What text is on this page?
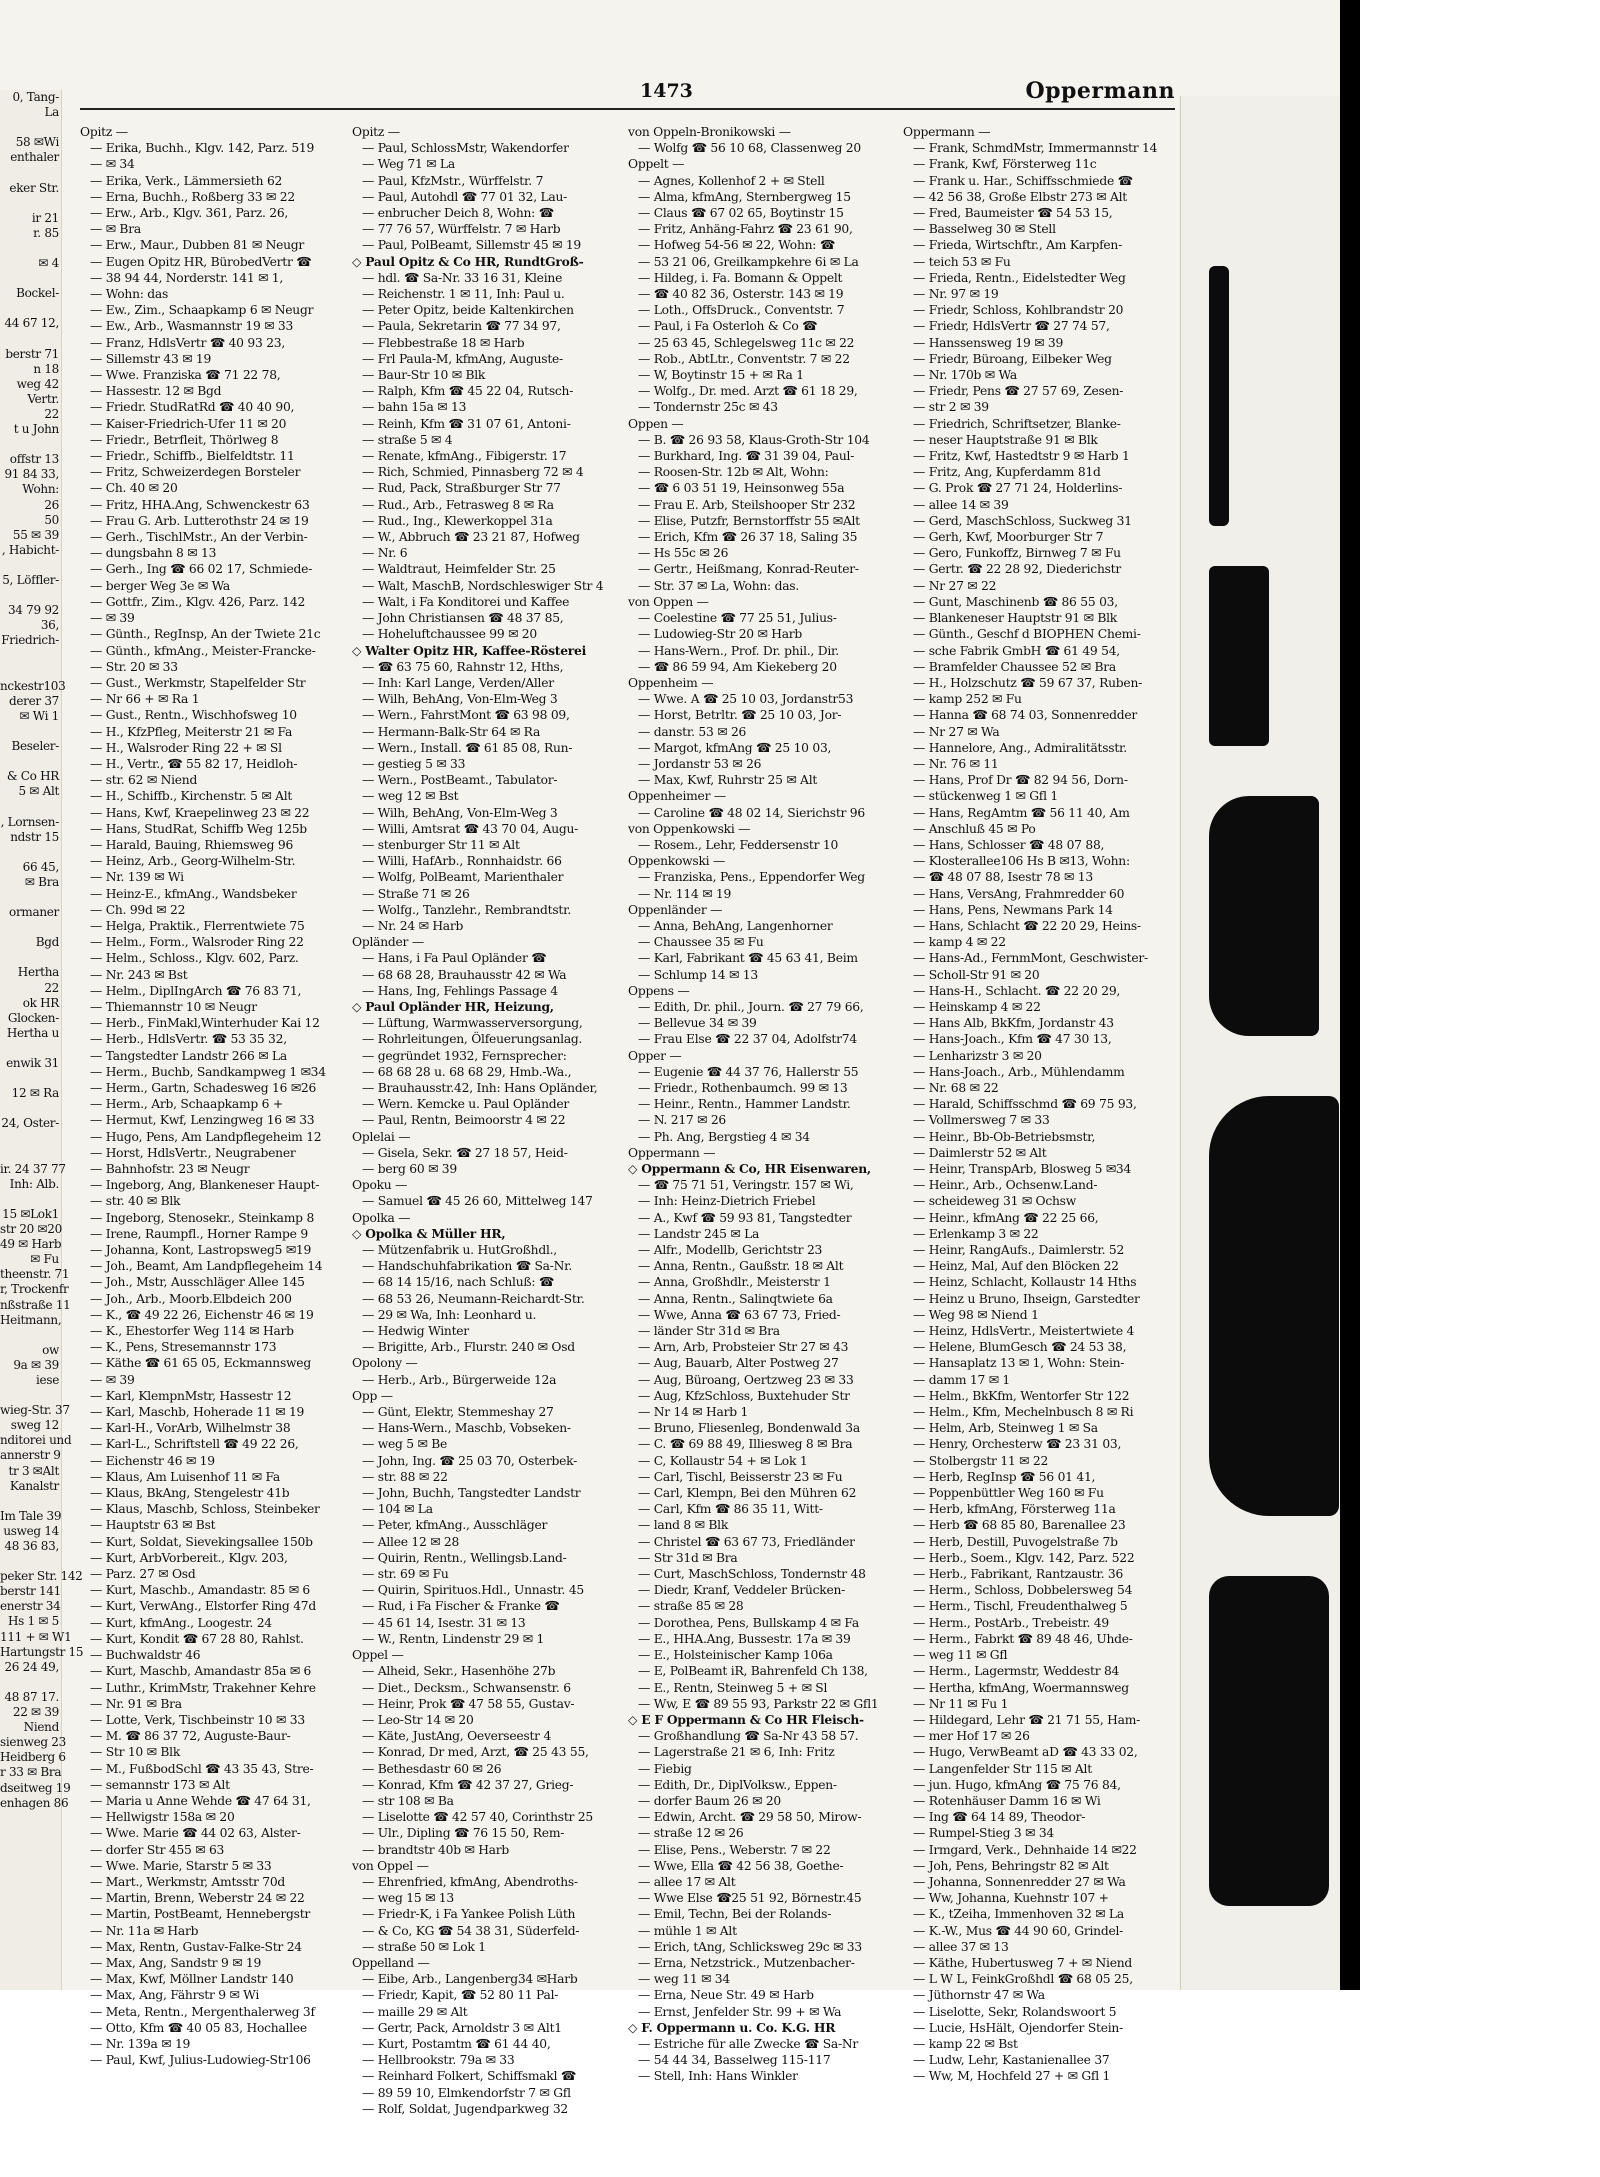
0, Tang-
La

58 ✉Wi
enthaler

eker Str.

ir 21
r. 85

✉ 4

Bockel-

44 67 12,

berstr 71
n 18
weg 42
Vertr.
22
t u John

offstr 13
91 84 33,
Wohn:
26
50
55 ✉ 39
, Habicht-

5, Löffler-

34 79 92
36,
Friedrich-

nckestr103
derer 37
✉ Wi 1

Beseler-

& Co HR
5 ✉ Alt

, Lornsen-
ndstr 15

66 45,
✉ Bra

ormaner

Bgd

Hertha
22
ok HR
Glocken-
Hertha u

enwik 31

12 ✉ Ra

24, Oster-

ir. 24 37 77
Inh: Alb.

15 ✉Lok1
str 20 ✉20
49 ✉ Harb
✉ Fu
theenstr. 71
r, Trockenfr
nßstraße 11
Heitmann,

ow
9a ✉ 39
iese

wieg-Str. 37
sweg 12
nditorei und
annerstr 9
tr 3 ✉Alt
Kanalstr

Im Tale 39
usweg 14
48 36 83,

peker Str. 142
berstr 141
enerstr 34
Hs 1 ✉ 5
111 + ✉ W1
Hartungstr 15
26 24 49,

48 87 17.
22 ✉ 39
Niend
sienweg 23
Heidberg 6
r 33 ✉ Bra
dseitweg 19
enhagen 86
1473	Oppermann
Opitz —
— Erika, Buchh., Klgv. 142, Parz. 519
— ✉ 34
— Erika, Verk., Lämmersieth 62
— Erna, Buchh., Roßberg 33 ✉ 22
— Erw., Arb., Klgv. 361, Parz. 26,
— ✉ Bra
— Erw., Maur., Dubben 81 ✉ Neugr
— Eugen Opitz HR, BürobedVertr ☎
— 38 94 44, Norderstr. 141 ✉ 1,
— Wohn: das
— Ew., Zim., Schaapkamp 6 ✉ Neugr
— Ew., Arb., Wasmannstr 19 ✉ 33
— Franz, HdlsVertr ☎ 40 93 23,
— Sillemstr 43 ✉ 19
— Wwe. Franziska ☎ 71 22 78,
— Hassestr. 12 ✉ Bgd
— Friedr. StudRatRd ☎ 40 40 90,
— Kaiser-Friedrich-Ufer 11 ✉ 20
— Friedr., Betrfleit, Thörlweg 8
— Friedr., Schiffb., Bielfeldtstr. 11
— Fritz, Schweizerdegen Borsteler
— Ch. 40 ✉ 20
— Fritz, HHA.Ang, Schwenckestr 63
— Frau G. Arb. Lutterothstr 24 ✉ 19
— Gerh., TischlMstr., An der Verbin-
— dungsbahn 8 ✉ 13
— Gerh., Ing ☎ 66 02 17, Schmiede-
— berger Weg 3e ✉ Wa
— Gottfr., Zim., Klgv. 426, Parz. 142
— ✉ 39
— Günth., RegInsp, An der Twiete 21c
— Günth., kfmAng., Meister-Francke-
— Str. 20 ✉ 33
— Gust., Werkmstr, Stapelfelder Str
— Nr 66 + ✉ Ra 1
— Gust., Rentn., Wischhofsweg 10
— H., KfzPfleg, Meiterstr 21 ✉ Fa
— H., Walsroder Ring 22 + ✉ Sl
— H., Vertr., ☎ 55 82 17, Heidloh-
— str. 62 ✉ Niend
— H., Schiffb., Kirchenstr. 5 ✉ Alt
— Hans, Kwf, Kraepelinweg 23 ✉ 22
— Hans, StudRat, Schiffb Weg 125b
— Harald, Bauing, Rhiemsweg 96
— Heinz, Arb., Georg-Wilhelm-Str.
— Nr. 139 ✉ Wi
— Heinz-E., kfmAng., Wandsbeker
— Ch. 99d ✉ 22
— Helga, Praktik., Flerrentwiete 75
— Helm., Form., Walsroder Ring 22
— Helm., Schloss., Klgv. 602, Parz.
— Nr. 243 ✉ Bst
— Helm., DiplIngArch ☎ 76 83 71,
— Thiemannstr 10 ✉ Neugr
— Herb., FinMakl,Winterhuder Kai 12
— Herb., HdlsVertr. ☎ 53 35 32,
— Tangstedter Landstr 266 ✉ La
— Herm., Buchb, Sandkampweg 1 ✉34
— Herm., Gartn, Schadesweg 16 ✉26
— Herm., Arb, Schaapkamp 6 +
— Hermut, Kwf, Lenzingweg 16 ✉ 33
— Hugo, Pens, Am Landpflegeheim 12
— Horst, HdlsVertr., Neugrabener
— Bahnhofstr. 23 ✉ Neugr
— Ingeborg, Ang, Blankeneser Haupt-
— str. 40 ✉ Blk
— Ingeborg, Stenosekr., Steinkamp 8
— Irene, Raumpfl., Horner Rampe 9
— Johanna, Kont, Lastropsweg5 ✉19
— Joh., Beamt, Am Landpflegeheim 14
— Joh., Mstr, Ausschläger Allee 145
— Joh., Arb., Moorb.Elbdeich 200
— K., ☎ 49 22 26, Eichenstr 46 ✉ 19
— K., Ehestorfer Weg 114 ✉ Harb
— K., Pens, Stresemannstr 173
— Käthe ☎ 61 65 05, Eckmannsweg
— ✉ 39
— Karl, KlempnMstr, Hassestr 12
— Karl, Maschb, Hoherade 11 ✉ 19
— Karl-H., VorArb, Wilhelmstr 38
— Karl-L., Schriftstell ☎ 49 22 26,
— Eichenstr 46 ✉ 19
— Klaus, Am Luisenhof 11 ✉ Fa
— Klaus, BkAng, Stengelestr 41b
— Klaus, Maschb, Schloss, Steinbeker
— Hauptstr 63 ✉ Bst
— Kurt, Soldat, Sievekingsallee 150b
— Kurt, ArbVorbereit., Klgv. 203,
— Parz. 27 ✉ Osd
— Kurt, Maschb., Amandastr. 85 ✉ 6
— Kurt, VerwAng., Elstorfer Ring 47d
— Kurt, kfmAng., Loogestr. 24
— Kurt, Kondit ☎ 67 28 80, Rahlst.
— Buchwaldstr 46
— Kurt, Maschb, Amandastr 85a ✉ 6
— Luthr., KrimMstr, Trakehner Kehre
— Nr. 91 ✉ Bra
— Lotte, Verk, Tischbeinstr 10 ✉ 33
— M. ☎ 86 37 72, Auguste-Baur-
— Str 10 ✉ Blk
— M., FußbodSchl ☎ 43 35 43, Stre-
— semannstr 173 ✉ Alt
— Maria u Anne Wehde ☎ 47 64 31,
— Hellwigstr 158a ✉ 20
— Wwe. Marie ☎ 44 02 63, Alster-
— dorfer Str 455 ✉ 63
— Wwe. Marie, Starstr 5 ✉ 33
— Mart., Werkmstr, Amtsstr 70d
— Martin, Brenn, Weberstr 24 ✉ 22
— Martin, PostBeamt, Hennebergstr
— Nr. 11a ✉ Harb
— Max, Rentn, Gustav-Falke-Str 24
— Max, Ang, Sandstr 9 ✉ 19
— Max, Kwf, Möllner Landstr 140
— Max, Ang, Fährstr 9 ✉ Wi
— Meta, Rentn., Mergenthalerweg 3f
— Otto, Kfm ☎ 40 05 83, Hochallee
— Nr. 139a ✉ 19
— Paul, Kwf, Julius-Ludowieg-Str106
Opitz —
— Paul, SchlossMstr, Wakendorfer
— Weg 71 ✉ La
— Paul, KfzMstr., Würffelstr. 7
— Paul, Autohdl ☎ 77 01 32, Lau-
— enbrucher Deich 8, Wohn: ☎
— 77 76 57, Würffelstr. 7 ✉ Harb
— Paul, PolBeamt, Sillemstr 45 ✉ 19
◇ Paul Opitz & Co HR, RundtGroß-
— hdl. ☎ Sa-Nr. 33 16 31, Kleine
— Reichenstr. 1 ✉ 11, Inh: Paul u.
— Peter Opitz, beide Kaltenkirchen
— Paula, Sekretarin ☎ 77 34 97,
— Flebbestraße 18 ✉ Harb
— Frl Paula-M, kfmAng, Auguste-
— Baur-Str 10 ✉ Blk
— Ralph, Kfm ☎ 45 22 04, Rutsch-
— bahn 15a ✉ 13
— Reinh, Kfm ☎ 31 07 61, Antoni-
— straße 5 ✉ 4
— Renate, kfmAng., Fibigerstr. 17
— Rich, Schmied, Pinnasberg 72 ✉ 4
— Rud, Pack, Straßburger Str 77
— Rud., Arb., Fetrasweg 8 ✉ Ra
— Rud., Ing., Klewerkoppel 31a
— W., Abbruch ☎ 23 21 87, Hofweg
— Nr. 6
— Waldtraut, Heimfelder Str. 25
— Walt, MaschB, Nordschleswiger Str 4
— Walt, i Fa Konditorei und Kaffee
— John Christiansen ☎ 48 37 85,
— Hoheluftchaussee 99 ✉ 20
◇ Walter Opitz HR, Kaffee-Rösterei
— ☎ 63 75 60, Rahnstr 12, Hths,
— Inh: Karl Lange, Verden/Aller
— Wilh, BehAng, Von-Elm-Weg 3
— Wern., FahrstMont ☎ 63 98 09,
— Hermann-Balk-Str 64 ✉ Ra
— Wern., Install. ☎ 61 85 08, Run-
— gestieg 5 ✉ 33
— Wern., PostBeamt., Tabulator-
— weg 12 ✉ Bst
— Wilh, BehAng, Von-Elm-Weg 3
— Willi, Amtsrat ☎ 43 70 04, Augu-
— stenburger Str 11 ✉ Alt
— Willi, HafArb., Ronnhaidstr. 66
— Wolfg, PolBeamt, Marienthaler
— Straße 71 ✉ 26
— Wolfg., Tanzlehr., Rembrandtstr.
— Nr. 24 ✉ Harb
Opländer —
— Hans, i Fa Paul Opländer ☎
— 68 68 28, Brauhausstr 42 ✉ Wa
— Hans, Ing, Fehlings Passage 4
◇ Paul Opländer HR, Heizung,
— Lüftung, Warmwasserversorgung,
— Rohrleitungen, Ölfeuerungsanlag.
— gegründet 1932, Fernsprecher:
— 68 68 28 u. 68 68 29, Hmb.-Wa.,
— Brauhausstr.42, Inh: Hans Opländer,
— Wern. Kemcke u. Paul Opländer
— Paul, Rentn, Beimoorstr 4 ✉ 22
Oplelai —
— Gisela, Sekr. ☎ 27 18 57, Heid-
— berg 60 ✉ 39
Opoku —
— Samuel ☎ 45 26 60, Mittelweg 147
Opolka —
◇ Opolka & Müller HR,
— Mützenfabrik u. HutGroßhdl.,
— Handschuhfabrikation ☎ Sa-Nr.
— 68 14 15/16, nach Schluß: ☎
— 68 53 26, Neumann-Reichardt-Str.
— 29 ✉ Wa, Inh: Leonhard u.
— Hedwig Winter
— Brigitte, Arb., Flurstr. 240 ✉ Osd
Opolony —
— Herb., Arb., Bürgerweide 12a
Opp —
— Günt, Elektr, Stemmeshay 27
— Hans-Wern., Maschb, Vobseken-
— weg 5 ✉ Be
— John, Ing. ☎ 25 03 70, Osterbek-
— str. 88 ✉ 22
— John, Buchh, Tangstedter Landstr
— 104 ✉ La
— Peter, kfmAng., Ausschläger
— Allee 12 ✉ 28
— Quirin, Rentn., Wellingsb.Land-
— str. 69 ✉ Fu
— Quirin, Spirituos.Hdl., Unnastr. 45
— Rud, i Fa Fischer & Franke ☎
— 45 61 14, Isestr. 31 ✉ 13
— W., Rentn, Lindenstr 29 ✉ 1
Oppel —
— Alheid, Sekr., Hasenhöhe 27b
— Diet., Decksm., Schwansenstr. 6
— Heinr, Prok ☎ 47 58 55, Gustav-
— Leo-Str 14 ✉ 20
— Käte, JustAng, Oeverseestr 4
— Konrad, Dr med, Arzt, ☎ 25 43 55,
— Bethesdastr 60 ✉ 26
— Konrad, Kfm ☎ 42 37 27, Grieg-
— str 108 ✉ Ba
— Liselotte ☎ 42 57 40, Corinthstr 25
— Ulr., Dipling ☎ 76 15 50, Rem-
— brandtstr 40b ✉ Harb
von Oppel —
— Ehrenfried, kfmAng, Abendroths-
— weg 15 ✉ 13
— Friedr-K, i Fa Yankee Polish Lüth
— & Co, KG ☎ 54 38 31, Süderfeld-
— straße 50 ✉ Lok 1
Oppelland —
— Eibe, Arb., Langenberg34 ✉Harb
— Friedr, Kapit, ☎ 52 80 11 Pal-
— maille 29 ✉ Alt
— Gertr, Pack, Arnoldstr 3 ✉ Alt1
— Kurt, Postamtm ☎ 61 44 40,
— Hellbrookstr. 79a ✉ 33
— Reinhard Folkert, Schiffsmakl ☎
— 89 59 10, Elmkendorfstr 7 ✉ Gfl
— Rolf, Soldat, Jugendparkweg 32
von Oppeln-Bronikowski —
— Wolfg ☎ 56 10 68, Classenweg 20
Oppelt —
— Agnes, Kollenhof 2 + ✉ Stell
— Alma, kfmAng, Sternbergweg 15
— Claus ☎ 67 02 65, Boytinstr 15
— Fritz, Anhäng-Fahrz ☎ 23 61 90,
— Hofweg 54-56 ✉ 22, Wohn: ☎
— 53 21 06, Greilkampkehre 6i ✉ La
— Hildeg, i. Fa. Bomann & Oppelt
— ☎ 40 82 36, Osterstr. 143 ✉ 19
— Loth., OffsDruck., Conventstr. 7
— Paul, i Fa Osterloh & Co ☎
— 25 63 45, Schlegelsweg 11c ✉ 22
— Rob., AbtLtr., Conventstr. 7 ✉ 22
— W, Boytinstr 15 + ✉ Ra 1
— Wolfg., Dr. med. Arzt ☎ 61 18 29,
— Tondernstr 25c ✉ 43
Oppen —
— B. ☎ 26 93 58, Klaus-Groth-Str 104
— Burkhard, Ing. ☎ 31 39 04, Paul-
— Roosen-Str. 12b ✉ Alt, Wohn:
— ☎ 6 03 51 19, Heinsonweg 55a
— Frau E. Arb, Steilshooper Str 232
— Elise, Putzfr, Bernstorffstr 55 ✉Alt
— Erich, Kfm ☎ 26 37 18, Saling 35
— Hs 55c ✉ 26
— Gertr., Heißmang, Konrad-Reuter-
— Str. 37 ✉ La, Wohn: das.
von Oppen —
— Coelestine ☎ 77 25 51, Julius-
— Ludowieg-Str 20 ✉ Harb
— Hans-Wern., Prof. Dr. phil., Dir.
— ☎ 86 59 94, Am Kiekeberg 20
Oppenheim —
— Wwe. A ☎ 25 10 03, Jordanstr53
— Horst, Betrltr. ☎ 25 10 03, Jor-
— danstr. 53 ✉ 26
— Margot, kfmAng ☎ 25 10 03,
— Jordanstr 53 ✉ 26
— Max, Kwf, Ruhrstr 25 ✉ Alt
Oppenheimer —
— Caroline ☎ 48 02 14, Sierichstr 96
von Oppenkowski —
— Rosem., Lehr, Feddersenstr 10
Oppenkowski —
— Franziska, Pens., Eppendorfer Weg
— Nr. 114 ✉ 19
Oppenländer —
— Anna, BehAng, Langenhorner
— Chaussee 35 ✉ Fu
— Karl, Fabrikant ☎ 45 63 41, Beim
— Schlump 14 ✉ 13
Oppens —
— Edith, Dr. phil., Journ. ☎ 27 79 66,
— Bellevue 34 ✉ 39
— Frau Else ☎ 22 37 04, Adolfstr74
Opper —
— Eugenie ☎ 44 37 76, Hallerstr 55
— Friedr., Rothenbaumch. 99 ✉ 13
— Heinr., Rentn., Hammer Landstr.
— N. 217 ✉ 26
— Ph. Ang, Bergstieg 4 ✉ 34
Oppermann —
◇ Oppermann & Co, HR Eisenwaren,
— ☎ 75 71 51, Veringstr. 157 ✉ Wi,
— Inh: Heinz-Dietrich Friebel
— A., Kwf ☎ 59 93 81, Tangstedter
— Landstr 245 ✉ La
— Alfr., Modellb, Gerichtstr 23
— Anna, Rentn., Gaußstr. 18 ✉ Alt
— Anna, Großhdlr., Meisterstr 1
— Anna, Rentn., Salinqtwiete 6a
— Wwe, Anna ☎ 63 67 73, Fried-
— länder Str 31d ✉ Bra
— Arn, Arb, Probsteier Str 27 ✉ 43
— Aug, Bauarb, Alter Postweg 27
— Aug, Büroang, Oertzweg 23 ✉ 33
— Aug, KfzSchloss, Buxtehuder Str
— Nr 14 ✉ Harb 1
— Bruno, Fliesenleg, Bondenwald 3a
— C. ☎ 69 88 49, Illiesweg 8 ✉ Bra
— C, Kollaustr 54 + ✉ Lok 1
— Carl, Tischl, Beisserstr 23 ✉ Fu
— Carl, Klempn, Bei den Mühren 62
— Carl, Kfm ☎ 86 35 11, Witt-
— land 8 ✉ Blk
— Christel ☎ 63 67 73, Friedländer
— Str 31d ✉ Bra
— Curt, MaschSchloss, Tondernstr 48
— Diedr, Kranf, Veddeler Brücken-
— straße 85 ✉ 28
— Dorothea, Pens, Bullskamp 4 ✉ Fa
— E., HHA.Ang, Bussestr. 17a ✉ 39
— E., Holsteinischer Kamp 106a
— E, PolBeamt iR, Bahrenfeld Ch 138,
— E., Rentn, Steinweg 5 + ✉ Sl
— Ww, E ☎ 89 55 93, Parkstr 22 ✉ Gfl1
◇ E F Oppermann & Co HR Fleisch-
— Großhandlung ☎ Sa-Nr 43 58 57.
— Lagerstraße 21 ✉ 6, Inh: Fritz
— Fiebig
— Edith, Dr., DiplVolksw., Eppen-
— dorfer Baum 26 ✉ 20
— Edwin, Archt. ☎ 29 58 50, Mirow-
— straße 12 ✉ 26
— Elise, Pens., Weberstr. 7 ✉ 22
— Wwe, Ella ☎ 42 56 38, Goethe-
— allee 17 ✉ Alt
— Wwe Else ☎25 51 92, Börnestr.45
— Emil, Techn, Bei der Rolands-
— mühle 1 ✉ Alt
— Erich, tAng, Schlicksweg 29c ✉ 33
— Erna, Netzstrick., Mutzenbacher-
— weg 11 ✉ 34
— Erna, Neue Str. 49 ✉ Harb
— Ernst, Jenfelder Str. 99 + ✉ Wa
◇ F. Oppermann u. Co. K.G. HR
— Estriche für alle Zwecke ☎ Sa-Nr
— 54 44 34, Basselweg 115-117
— Stell, Inh: Hans Winkler
Oppermann —
— Frank, SchmdMstr, Immermannstr 14
— Frank, Kwf, Försterweg 11c
— Frank u. Har., Schiffsschmiede ☎
— 42 56 38, Große Elbstr 273 ✉ Alt
— Fred, Baumeister ☎ 54 53 15,
— Basselweg 30 ✉ Stell
— Frieda, Wirtschftr., Am Karpfen-
— teich 53 ✉ Fu
— Frieda, Rentn., Eidelstedter Weg
— Nr. 97 ✉ 19
— Friedr, Schloss, Kohlbrandstr 20
— Friedr, HdlsVertr ☎ 27 74 57,
— Hanssensweg 19 ✉ 39
— Friedr, Büroang, Eilbeker Weg
— Nr. 170b ✉ Wa
— Friedr, Pens ☎ 27 57 69, Zesen-
— str 2 ✉ 39
— Friedrich, Schriftsetzer, Blanke-
— neser Hauptstraße 91 ✉ Blk
— Fritz, Kwf, Hastedtstr 9 ✉ Harb 1
— Fritz, Ang, Kupferdamm 81d
— G. Prok ☎ 27 71 24, Holderlins-
— allee 14 ✉ 39
— Gerd, MaschSchloss, Suckweg 31
— Gerh, Kwf, Moorburger Str 7
— Gero, Funkoffz, Birnweg 7 ✉ Fu
— Gertr. ☎ 22 28 92, Diederichstr
— Nr 27 ✉ 22
— Gunt, Maschinenb ☎ 86 55 03,
— Blankeneser Hauptstr 91 ✉ Blk
— Günth., Geschf d BIOPHEN Chemi-
— sche Fabrik GmbH ☎ 61 49 54,
— Bramfelder Chaussee 52 ✉ Bra
— H., Holzschutz ☎ 59 67 37, Ruben-
— kamp 252 ✉ Fu
— Hanna ☎ 68 74 03, Sonnenredder
— Nr 27 ✉ Wa
— Hannelore, Ang., Admiralitätsstr.
— Nr. 76 ✉ 11
— Hans, Prof Dr ☎ 82 94 56, Dorn-
— stückenweg 1 ✉ Gfl 1
— Hans, RegAmtm ☎ 56 11 40, Am
— Anschluß 45 ✉ Po
— Hans, Schlosser ☎ 48 07 88,
— Klosterallee106 Hs B ✉13, Wohn:
— ☎ 48 07 88, Isestr 78 ✉ 13
— Hans, VersAng, Frahmredder 60
— Hans, Pens, Newmans Park 14
— Hans, Schlacht ☎ 22 20 29, Heins-
— kamp 4 ✉ 22
— Hans-Ad., FernmMont, Geschwister-
— Scholl-Str 91 ✉ 20
— Hans-H., Schlacht. ☎ 22 20 29,
— Heinskamp 4 ✉ 22
— Hans Alb, BkKfm, Jordanstr 43
— Hans-Joach., Kfm ☎ 47 30 13,
— Lenharizstr 3 ✉ 20
— Hans-Joach., Arb., Mühlendamm
— Nr. 68 ✉ 22
— Harald, Schiffsschmd ☎ 69 75 93,
— Vollmersweg 7 ✉ 33
— Heinr., Bb-Ob-Betriebsmstr,
— Daimlerstr 52 ✉ Alt
— Heinr, TranspArb, Blosweg 5 ✉34
— Heinr., Arb., Ochsenw.Land-
— scheideweg 31 ✉ Ochsw
— Heinr., kfmAng ☎ 22 25 66,
— Erlenkamp 3 ✉ 22
— Heinr, RangAufs., Daimlerstr. 52
— Heinz, Mal, Auf den Blöcken 22
— Heinz, Schlacht, Kollaustr 14 Hths
— Heinz u Bruno, Ihseign, Garstedter
— Weg 98 ✉ Niend 1
— Heinz, HdlsVertr., Meistertwiete 4
— Helene, BlumGesch ☎ 24 53 38,
— Hansaplatz 13 ✉ 1, Wohn: Stein-
— damm 17 ✉ 1
— Helm., BkKfm, Wentorfer Str 122
— Helm., Kfm, Mechelnbusch 8 ✉ Ri
— Helm, Arb, Steinweg 1 ✉ Sa
— Henry, Orchesterw ☎ 23 31 03,
— Stolbergstr 11 ✉ 22
— Herb, RegInsp ☎ 56 01 41,
— Poppenbüttler Weg 160 ✉ Fu
— Herb, kfmAng, Försterweg 11a
— Herb ☎ 68 85 80, Barenallee 23
— Herb, Destill, Puvogelstraße 7b
— Herb., Soem., Klgv. 142, Parz. 522
— Herb., Fabrikant, Rantzaustr. 36
— Herm., Schloss, Dobbelersweg 54
— Herm., Tischl, Freudenthalweg 5
— Herm., PostArb., Trebeistr. 49
— Herm., Fabrkt ☎ 89 48 46, Uhde-
— weg 11 ✉ Gfl
— Herm., Lagermstr, Weddestr 84
— Hertha, kfmAng, Woermannsweg
— Nr 11 ✉ Fu 1
— Hildegard, Lehr ☎ 21 71 55, Ham-
— mer Hof 17 ✉ 26
— Hugo, VerwBeamt aD ☎ 43 33 02,
— Langenfelder Str 115 ✉ Alt
— jun. Hugo, kfmAng ☎ 75 76 84,
— Rotenhäuser Damm 16 ✉ Wi
— Ing ☎ 64 14 89, Theodor-
— Rumpel-Stieg 3 ✉ 34
— Irmgard, Verk., Dehnhaide 14 ✉22
— Joh, Pens, Behringstr 82 ✉ Alt
— Johanna, Sonnenredder 27 ✉ Wa
— Ww, Johanna, Kuehnstr 107 +
— K., tZeiha, Immenhoven 32 ✉ La
— K.-W., Mus ☎ 44 90 60, Grindel-
— allee 37 ✉ 13
— Käthe, Hubertusweg 7 + ✉ Niend
— L W L, FeinkGroßhdl ☎ 68 05 25,
— Jüthornstr 47 ✉ Wa
— Liselotte, Sekr, Rolandswoort 5
— Lucie, HsHält, Ojendorfer Stein-
— kamp 22 ✉ Bst
— Ludw, Lehr, Kastanienallee 37
— Ww, M, Hochfeld 27 + ✉ Gfl 1
